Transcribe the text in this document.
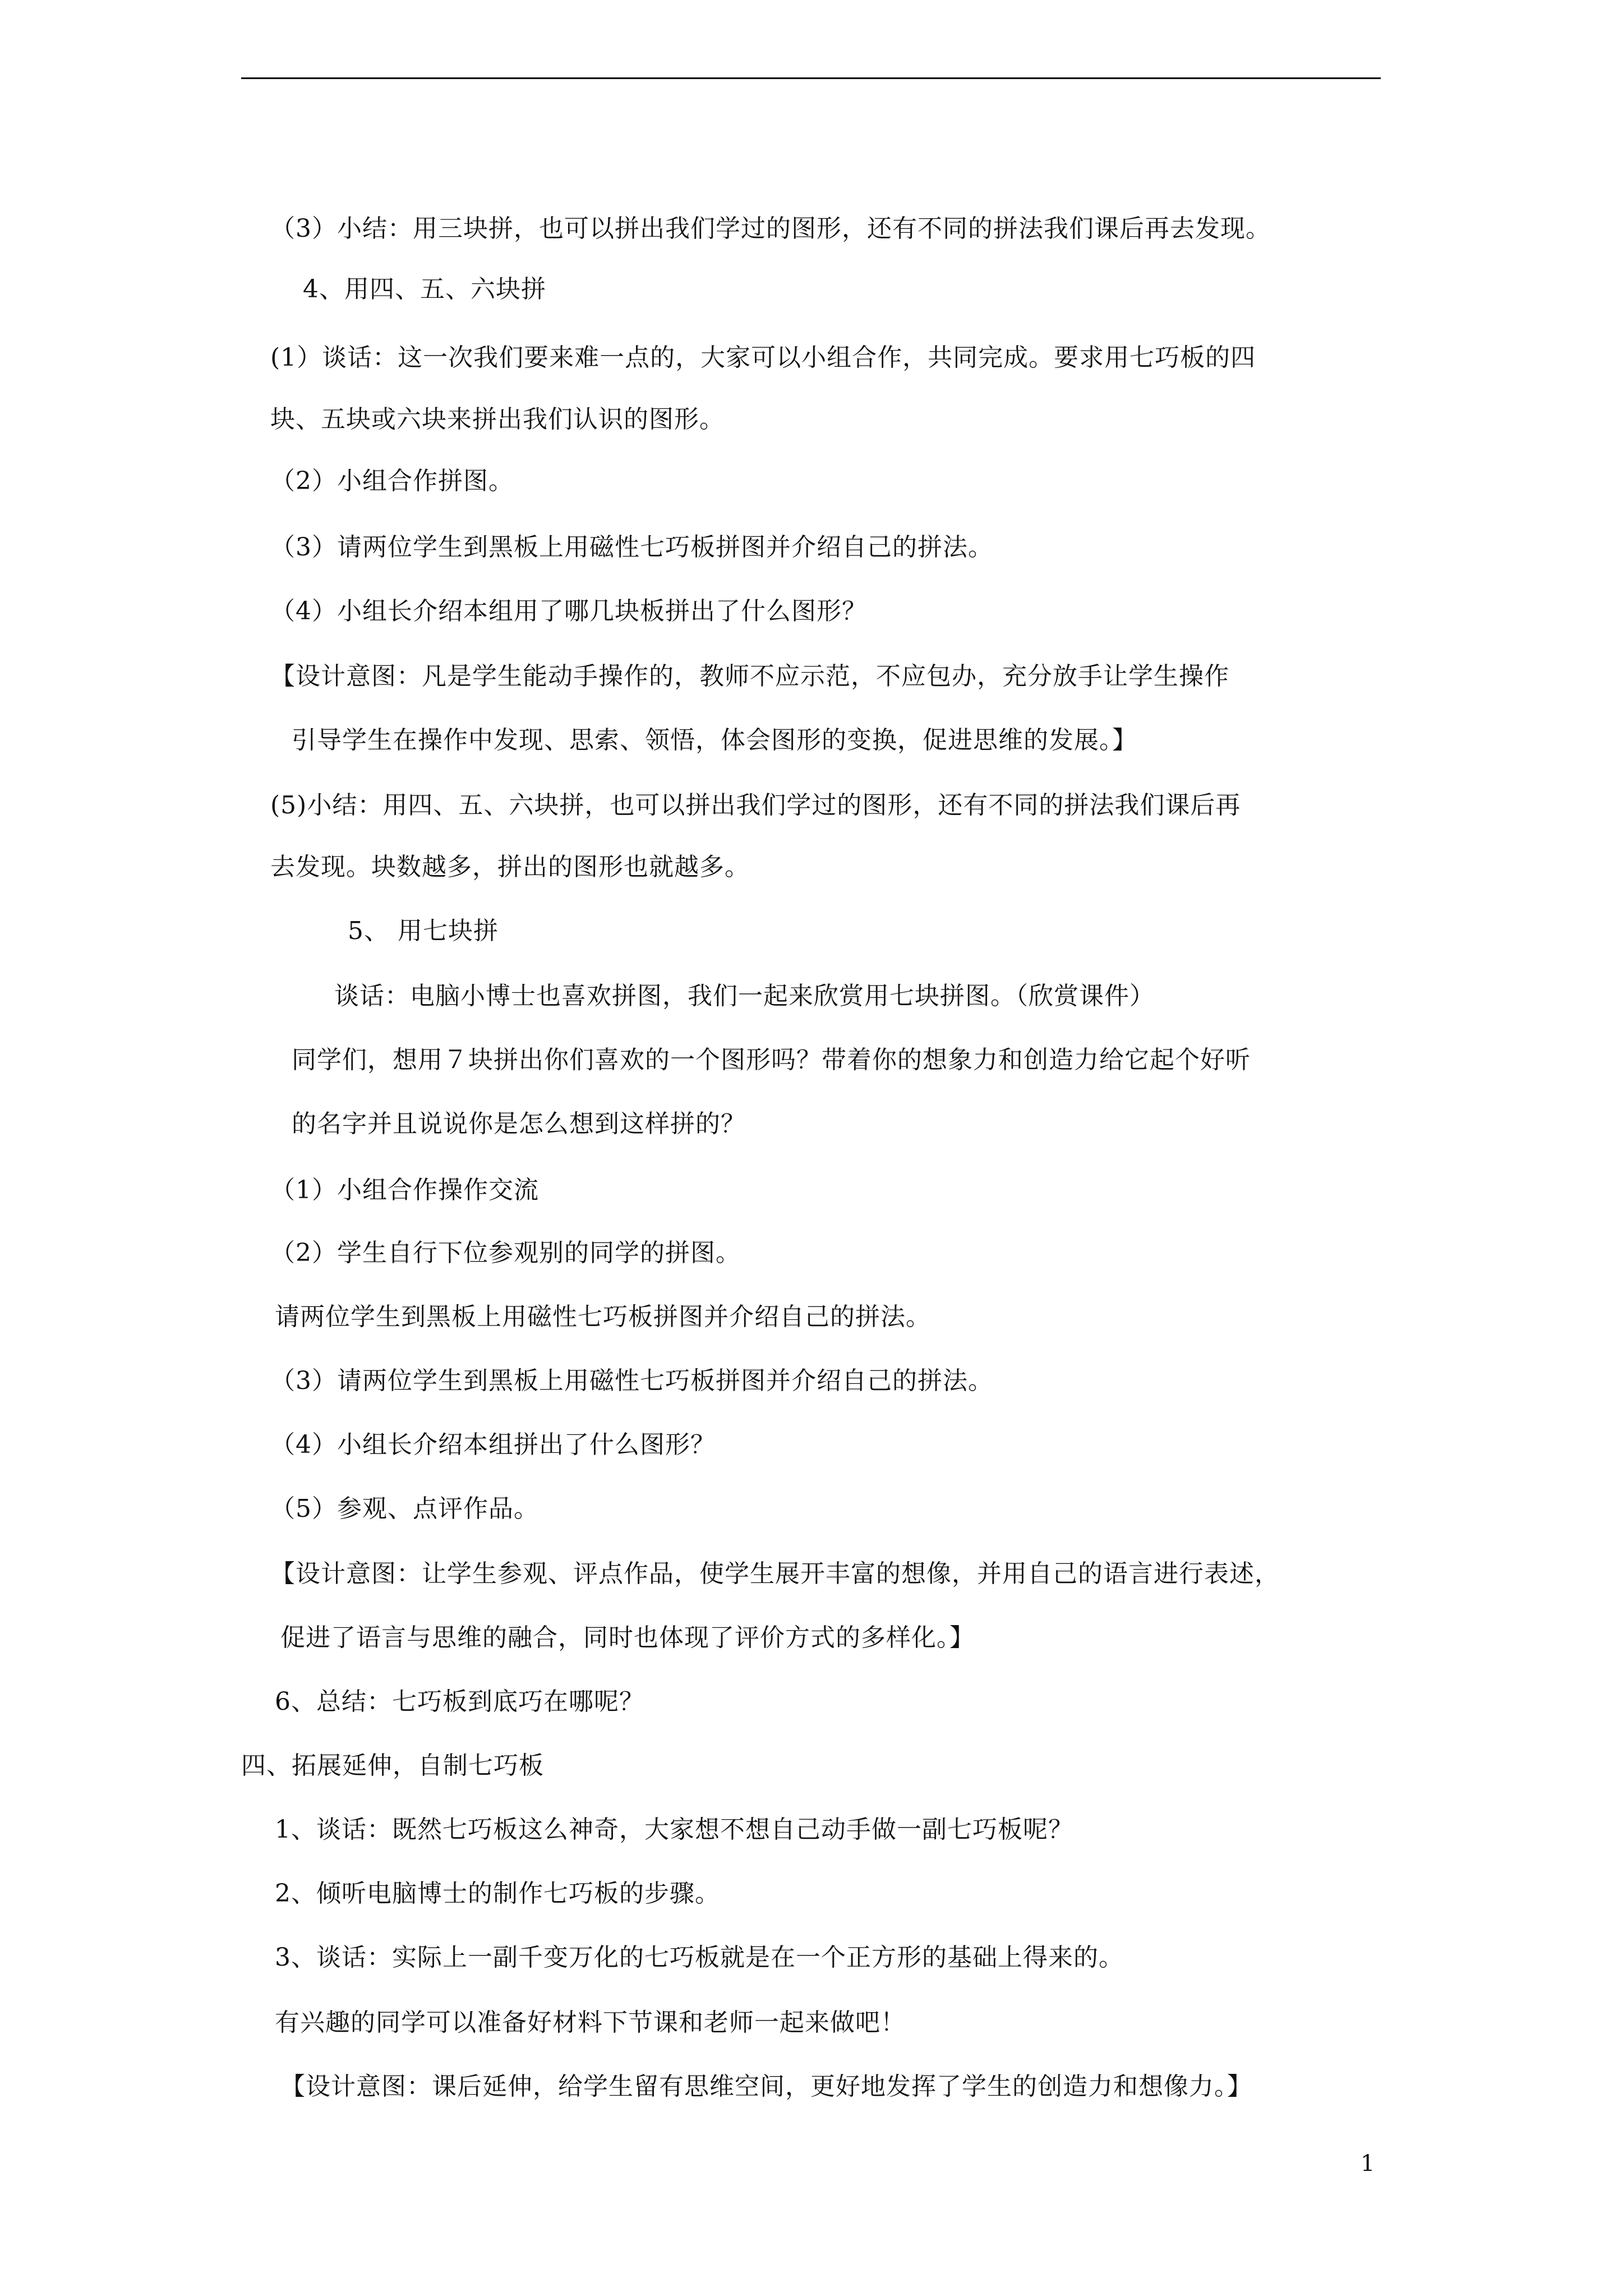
（3）小结：用三块拼，也可以拼出我们学过的图形，还有不同的拼法我们课后再去发现。
4、用四、五、六块拼
(1）谈话：这一次我们要来难一点的，大家可以小组合作，共同完成。要求用七巧板的四
块、五块或六块来拼出我们认识的图形。
（2）小组合作拼图。
（3）请两位学生到黑板上用磁性七巧板拼图并介绍自己的拼法。
（4）小组长介绍本组用了哪几块板拼出了什么图形？
【设计意图：凡是学生能动手操作的，教师不应示范，不应包办，充分放手让学生操作
引导学生在操作中发现、思索、领悟，体会图形的变换，促进思维的发展。】
(5)小结：用四、五、六块拼，也可以拼出我们学过的图形，还有不同的拼法我们课后再
去发现。块数越多，拼出的图形也就越多。
5、 用七块拼
谈话：电脑小博士也喜欢拼图，我们一起来欣赏用七块拼图。（欣赏课件）
同学们，想用７块拼出你们喜欢的一个图形吗？带着你的想象力和创造力给它起个好听
的名字并且说说你是怎么想到这样拼的？
（1）小组合作操作交流
（2）学生自行下位参观别的同学的拼图。
请两位学生到黑板上用磁性七巧板拼图并介绍自己的拼法。
（3）请两位学生到黑板上用磁性七巧板拼图并介绍自己的拼法。
（4）小组长介绍本组拼出了什么图形？
（5）参观、点评作品。
【设计意图：让学生参观、评点作品，使学生展开丰富的想像，并用自己的语言进行表述，
促进了语言与思维的融合，同时也体现了评价方式的多样化。】
6、总结：七巧板到底巧在哪呢？
四、拓展延伸，自制七巧板
1、谈话：既然七巧板这么神奇，大家想不想自己动手做一副七巧板呢？
2、倾听电脑博士的制作七巧板的步骤。
3、谈话：实际上一副千变万化的七巧板就是在一个正方形的基础上得来的。
有兴趣的同学可以准备好材料下节课和老师一起来做吧！
【设计意图：课后延伸，给学生留有思维空间，更好地发挥了学生的创造力和想像力。】
1
